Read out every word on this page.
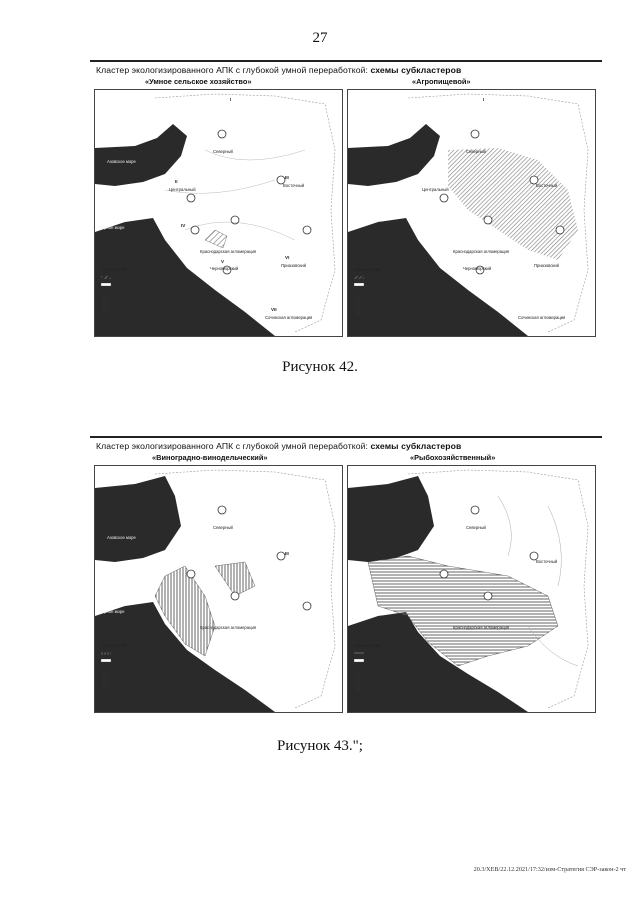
27
Кластер экологизированного АПК с глубокой умной переработкой: схемы субкластеров
«Умное сельское хозяйство»	«Агропищевой»
I
Северный
Азовское море
II
Центральный
III
Восточный
IV
Черное море
Краснодарская агломерация
V
Черноморский
VI
Приазовский
VII
Сочинская агломерация
Кластер АПК
I
Северный
Центральный
Восточный
Краснодарская агломерация
Черноморский
Приазовский
Сочинская агломерация
Кластер АПК
Рисунок 42.
Кластер экологизированного АПК с глубокой умной переработкой: схемы субкластеров
«Виноградно-винодельческий»	«Рыбохозяйственный»
Северный
Азовское море
III
Черное море
Краснодарская агломерация
Кластер АПК
Северный
Восточный
Краснодарская агломерация
Кластер АПК
Рисунок 43.";
20.3/ХЕВ/22.12.2021/17:32/изм-Стратегия СЭР-закон-2 чт
